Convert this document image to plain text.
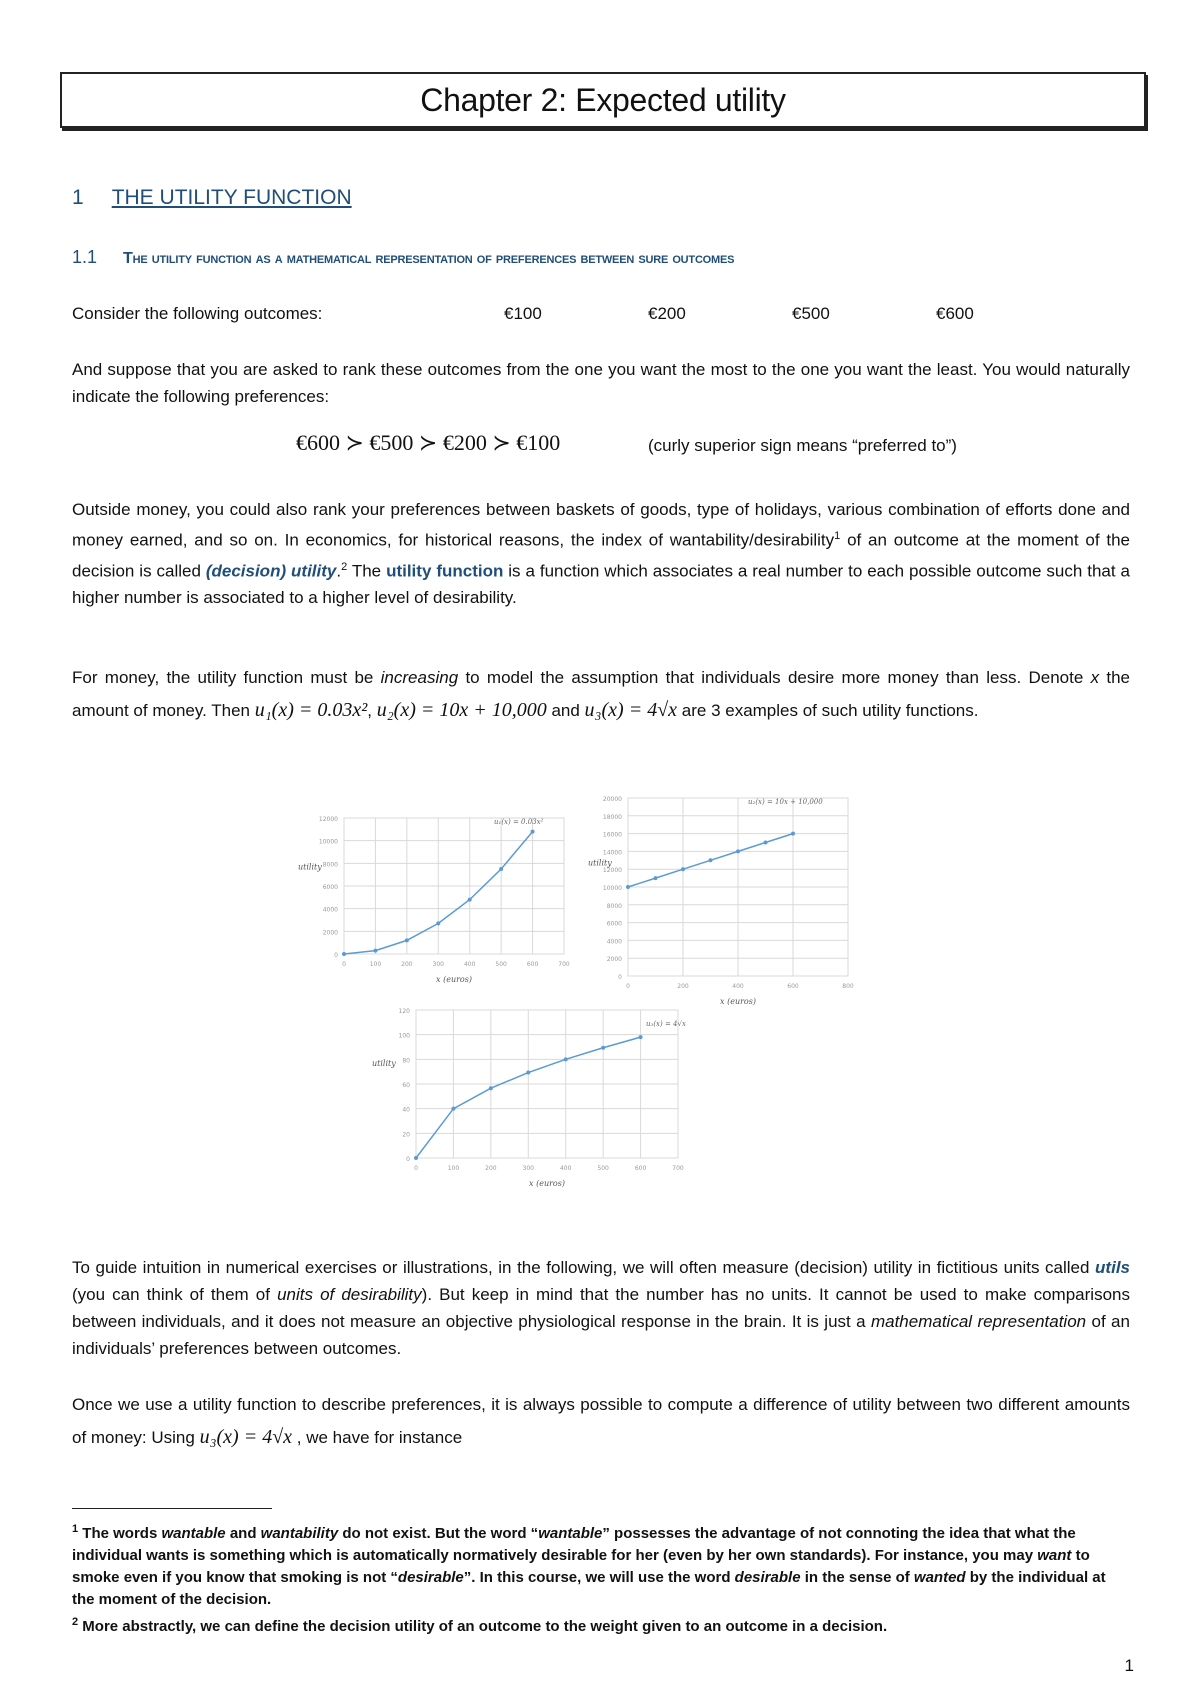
Chapter 2: Expected utility
1 THE UTILITY FUNCTION
1.1 The utility function as a mathematical representation of preferences between sure outcomes
Consider the following outcomes:	€100	€200	€500	€600
And suppose that you are asked to rank these outcomes from the one you want the most to the one you want the least. You would naturally indicate the following preferences:
€600 ≻ €500 ≻ €200 ≻ €100	(curly superior sign means “preferred to”)
Outside money, you could also rank your preferences between baskets of goods, type of holidays, various combination of efforts done and money earned, and so on. In economics, for historical reasons, the index of wantability/desirability$^1$ of an outcome at the moment of the decision is called (decision) utility.$^2$ The utility function is a function which associates a real number to each possible outcome such that a higher number is associated to a higher level of desirability.
For money, the utility function must be increasing to model the assumption that individuals desire more money than less. Denote x the amount of money. Then u₁(x) = 0.03x², u₂(x) = 10x + 10,000 and u₃(x) = 4√x are 3 examples of such utility functions.
0
2000
4000
6000
8000
10000
12000
0	100	200	300	400	500	600	700
u₁(x) = 0.03x²
x (euros)
utility
0
2000
4000
6000
8000
10000
12000
14000
16000
18000
20000
0	200	400	600	800
u₂(x) = 10x + 10,000
x (euros)
utility
0
20
40
60
80
100
120
0	100	200	300	400	500	600	700
u₃(x) = 4√x
x (euros)
utility
To guide intuition in numerical exercises or illustrations, in the following, we will often measure (decision) utility in fictitious units called utils (you can think of them of units of desirability). But keep in mind that the number has no units. It cannot be used to make comparisons between individuals, and it does not measure an objective physiological response in the brain. It is just a mathematical representation of an individuals’ preferences between outcomes.
Once we use a utility function to describe preferences, it is always possible to compute a difference of utility between two different amounts of money: Using u₃(x) = 4√x , we have for instance
$^1$ The words wantable and wantability do not exist. But the word “wantable” possesses the advantage of not connoting the idea that what the individual wants is something which is automatically normatively desirable for her (even by her own standards). For instance, you may want to smoke even if you know that smoking is not “desirable”. In this course, we will use the word desirable in the sense of wanted by the individual at the moment of the decision.
$^2$ More abstractly, we can define the decision utility of an outcome to the weight given to an outcome in a decision.
1
